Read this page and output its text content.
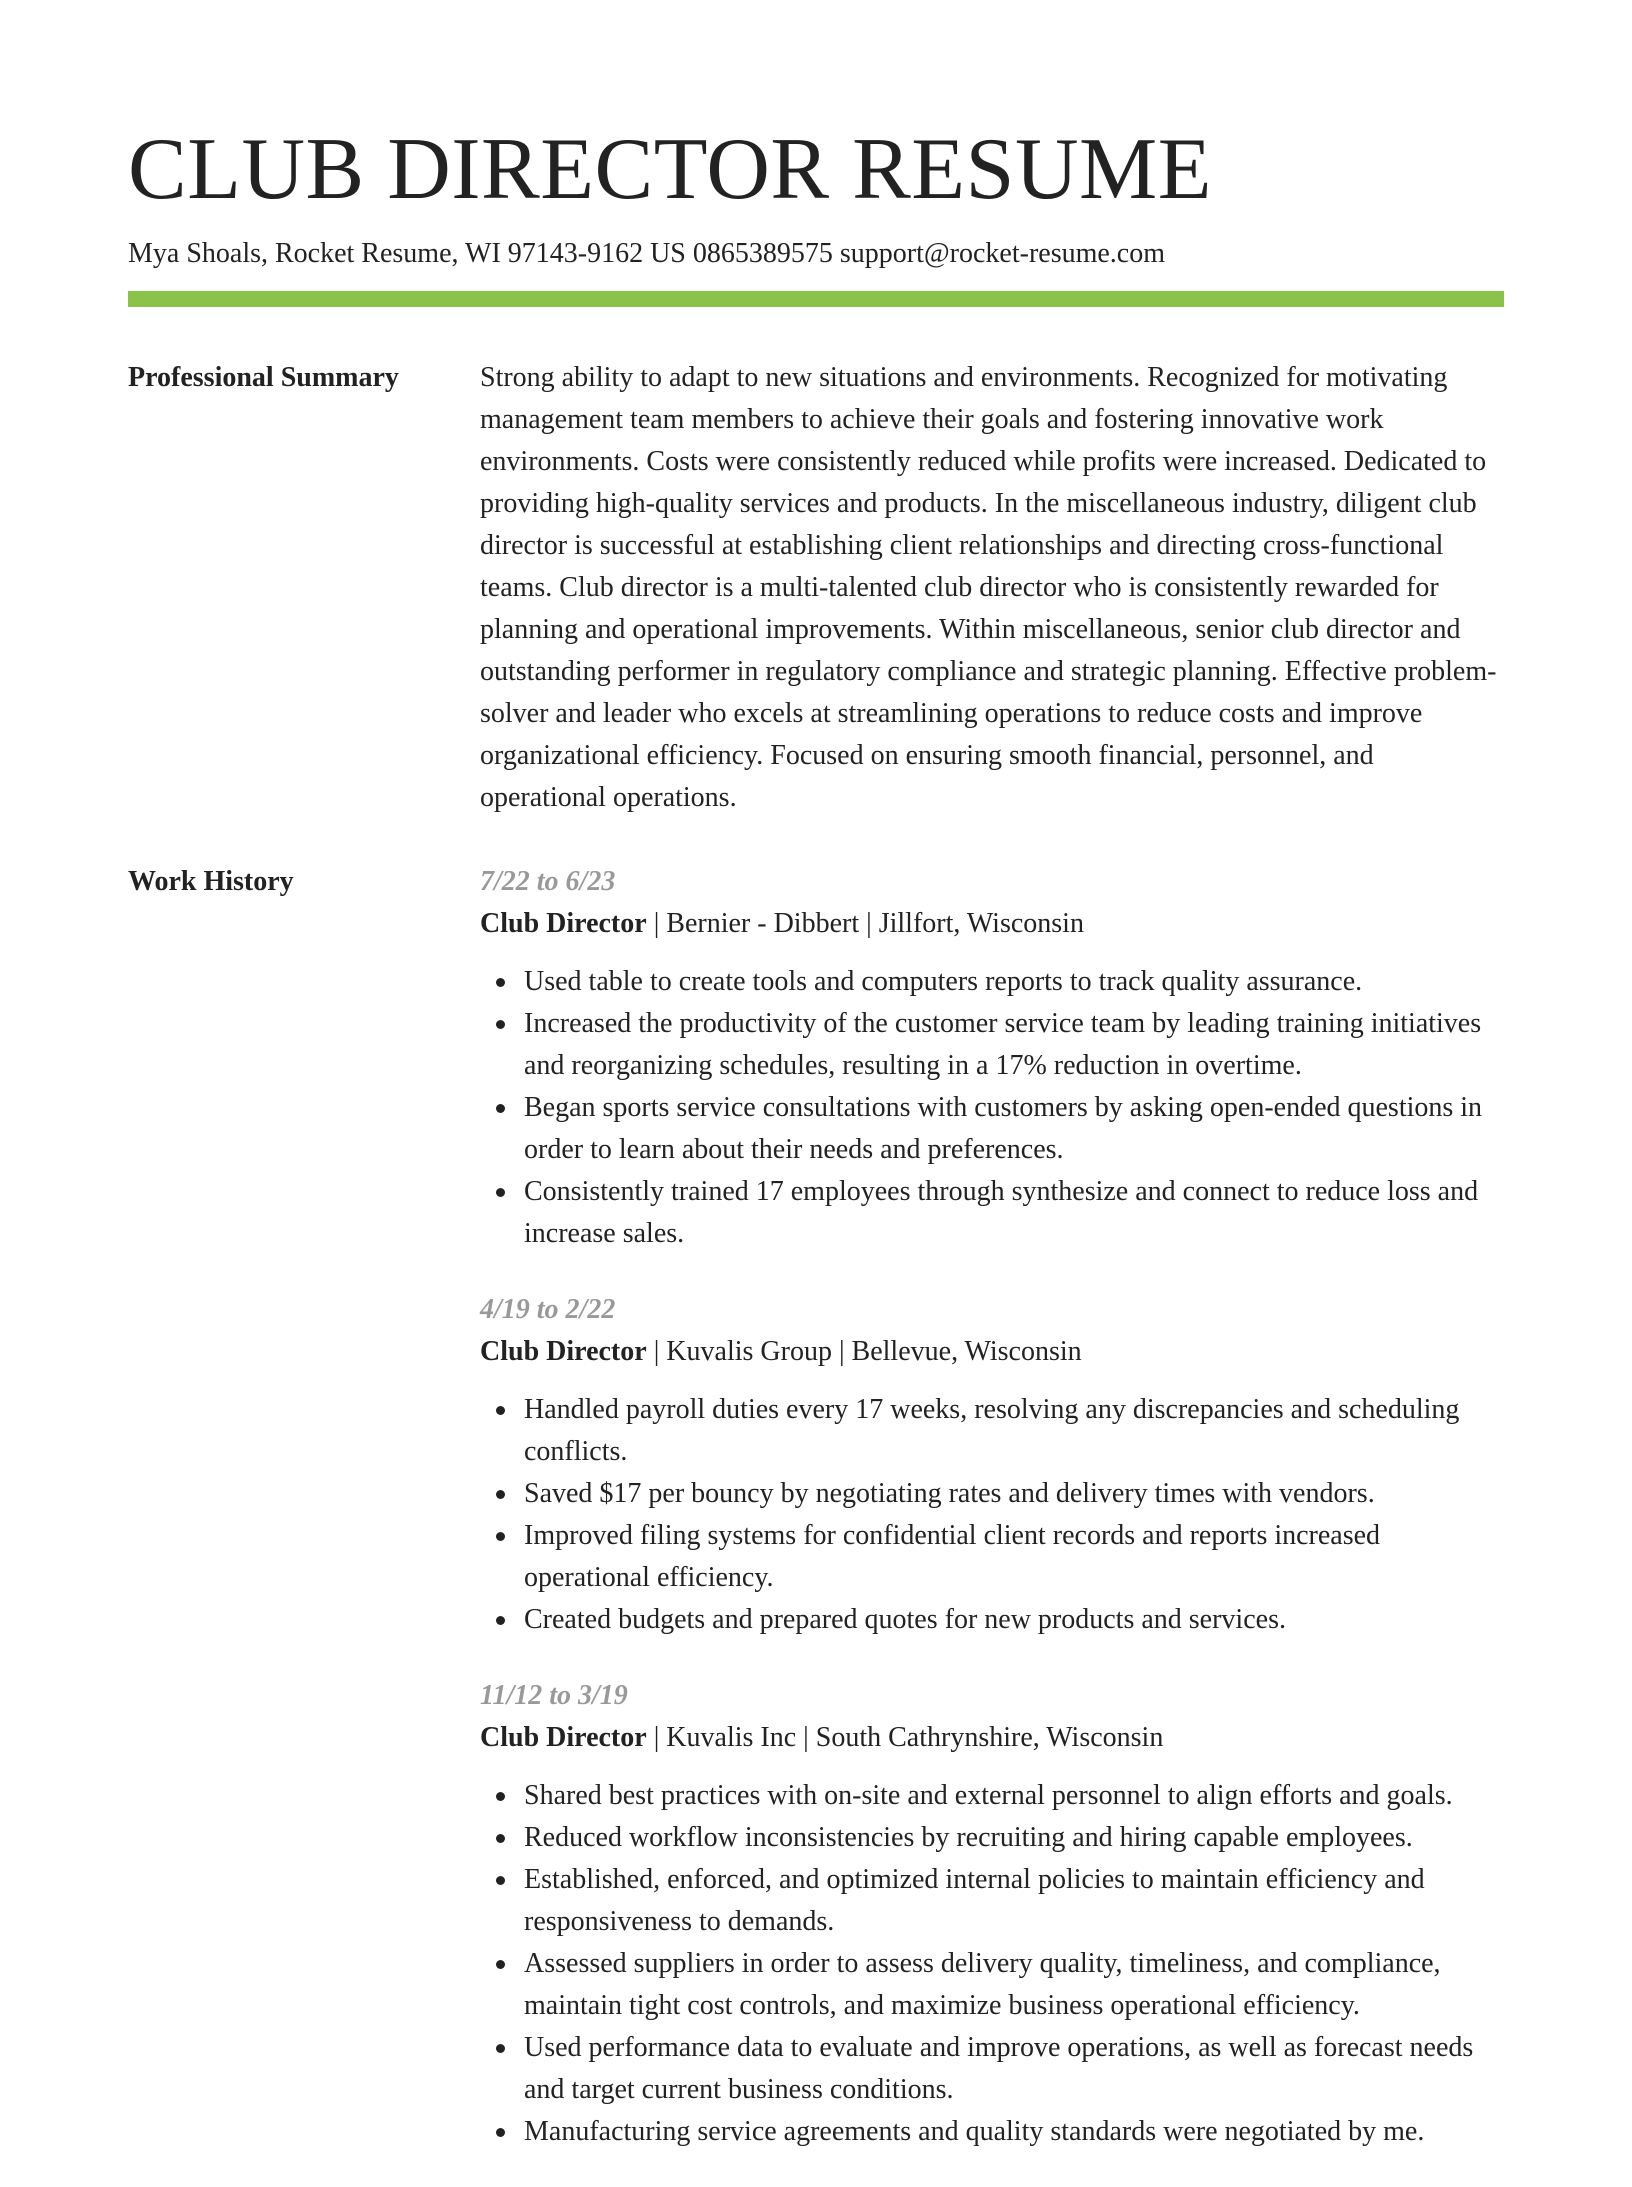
CLUB DIRECTOR RESUME
Mya Shoals, Rocket Resume, WI 97143-9162 US 0865389575 support@rocket-resume.com
Professional Summary	Strong ability to adapt to new situations and environments. Recognized for motivating management team members to achieve their goals and fostering innovative work environments. Costs were consistently reduced while profits were increased. Dedicated to providing high-quality services and products. In the miscellaneous industry, diligent club director is successful at establishing client relationships and directing cross-functional teams. Club director is a multi-talented club director who is consistently rewarded for planning and operational improvements. Within miscellaneous, senior club director and outstanding performer in regulatory compliance and strategic planning. Effective problem-solver and leader who excels at streamlining operations to reduce costs and improve organizational efficiency. Focused on ensuring smooth financial, personnel, and operational operations.

Work History	7/22 to 6/23
Club Director | Bernier - Dibbert | Jillfort, Wisconsin
Used table to create tools and computers reports to track quality assurance.
Increased the productivity of the customer service team by leading training initiatives and reorganizing schedules, resulting in a 17% reduction in overtime.
Began sports service consultations with customers by asking open-ended questions in order to learn about their needs and preferences.
Consistently trained 17 employees through synthesize and connect to reduce loss and increase sales.
4/19 to 2/22
Club Director | Kuvalis Group | Bellevue, Wisconsin
Handled payroll duties every 17 weeks, resolving any discrepancies and scheduling conflicts.
Saved $17 per bouncy by negotiating rates and delivery times with vendors.
Improved filing systems for confidential client records and reports increased operational efficiency.
Created budgets and prepared quotes for new products and services.
11/12 to 3/19
Club Director | Kuvalis Inc | South Cathrynshire, Wisconsin
Shared best practices with on-site and external personnel to align efforts and goals.
Reduced workflow inconsistencies by recruiting and hiring capable employees.
Established, enforced, and optimized internal policies to maintain efficiency and responsiveness to demands.
Assessed suppliers in order to assess delivery quality, timeliness, and compliance, maintain tight cost controls, and maximize business operational efficiency.
Used performance data to evaluate and improve operations, as well as forecast needs and target current business conditions.
Manufacturing service agreements and quality standards were negotiated by me.
